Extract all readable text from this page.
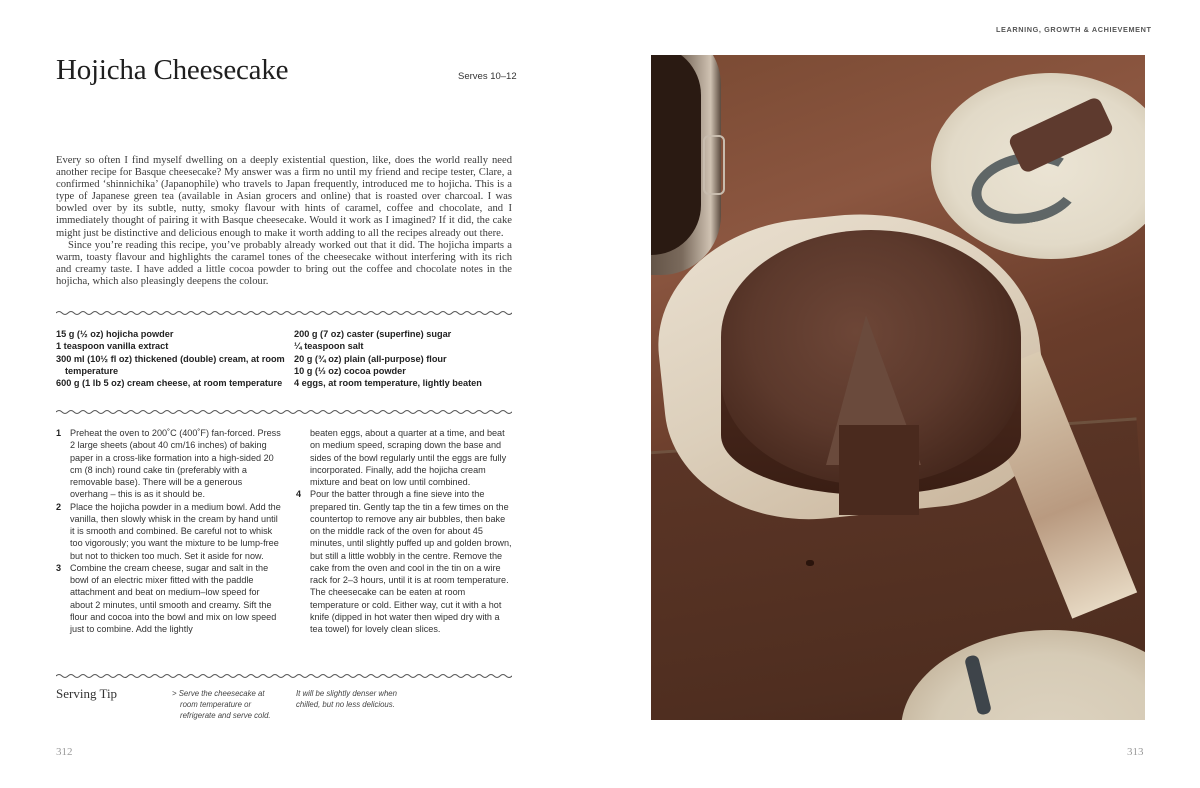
Hojicha Cheesecake	Serves 10–12

Every so often I find myself dwelling on a deeply existential question, like, does the world really need another recipe for Basque cheesecake? My answer was a firm no until my friend and recipe tester, Clare, a confirmed ‘shinnichika’ (Japanophile) who travels to Japan frequently, introduced me to hojicha. This is a type of Japanese green tea (available in Asian grocers and online) that is roasted over charcoal. I was bowled over by its subtle, nutty, smoky flavour with hints of caramel, coffee and chocolate, and I immediately thought of pairing it with Basque cheesecake. Would it work as I imagined? If it did, the cake might just be distinctive and delicious enough to make it worth adding to all the recipes already out there.

Since you’re reading this recipe, you’ve probably already worked out that it did. The hojicha imparts a warm, toasty flavour and highlights the caramel tones of the cheesecake without interfering with its rich and creamy taste. I have added a little cocoa powder to bring out the coffee and chocolate notes in the hojicha, which also pleasingly deepens the colour.

15 g (½ oz) hojicha powder
1 teaspoon vanilla extract
300 ml (10½ fl oz) thickened (double) cream, at room temperature
600 g (1 lb 5 oz) cream cheese, at room temperature
200 g (7 oz) caster (superfine) sugar
¼ teaspoon salt
20 g (¾ oz) plain (all-purpose) flour
10 g (⅓ oz) cocoa powder
4 eggs, at room temperature, lightly beaten
1 Preheat the oven to 200˚C (400˚F) fan-forced. Press 2 large sheets (about 40 cm/16 inches) of baking paper in a cross-like formation into a high-sided 20 cm (8 inch) round cake tin (preferably with a removable base). There will be a generous overhang – this is as it should be.
2 Place the hojicha powder in a medium bowl. Add the vanilla, then slowly whisk in the cream by hand until it is smooth and combined. Be careful not to whisk too vigorously; you want the mixture to be lump-free but not to thicken too much. Set it aside for now.
3 Combine the cream cheese, sugar and salt in the bowl of an electric mixer fitted with the paddle attachment and beat on medium–low speed for about 2 minutes, until smooth and creamy. Sift the flour and cocoa into the bowl and mix on low speed just to combine. Add the lightly
beaten eggs, about a quarter at a time, and beat on medium speed, scraping down the base and sides of the bowl regularly until the eggs are fully incorporated. Finally, add the hojicha cream mixture and beat on low until combined.
4 Pour the batter through a fine sieve into the prepared tin. Gently tap the tin a few times on the countertop to remove any air bubbles, then bake on the middle rack of the oven for about 45 minutes, until slightly puffed up and golden brown, but still a little wobbly in the centre. Remove the cake from the oven and cool in the tin on a wire rack for 2–3 hours, until it is at room temperature. The cheesecake can be eaten at room temperature or cold. Either way, cut it with a hot knife (dipped in hot water then wiped dry with a tea towel) for lovely clean slices.
Serving Tip	> Serve the cheesecake at room temperature or refrigerate and serve cold.
It will be slightly denser when chilled, but no less delicious.
312
LEARNING, GROWTH & ACHIEVEMENT
313
